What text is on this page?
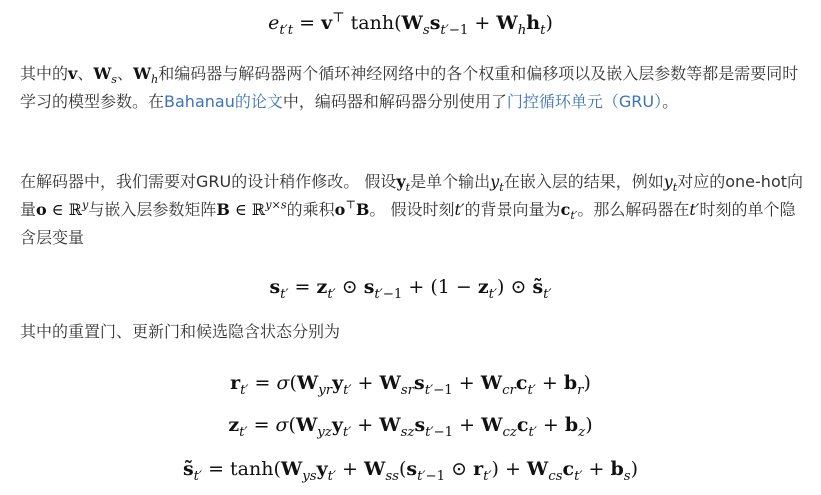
$e_{t't} = v^⊤$ $\tanh(W_ss_{t'-1} + W_hh_t)$
其中的v、$W_s$、$W_h$和编码器与解码器两个循环神经网络中的各个权重和偏移项以及嵌入层参数等都是需要同时学习的模型参数。在Bahanau的论文中，编码器和解码器分别使用了门控循环单元（GRU）。
在解码器中，我们需要对GRU的设计稍作修改。 假设$y_t$是单个输出$y_t$在嵌入层的结果，例如$y_t$对应的one-hot向量o ∈ ℝ$^y$与嵌入层参数矩阵B ∈ ℝ$^{y\times s}$的乘积o⊤B。 假设时刻t′的背景向量为$c_{t'}$。那么解码器在t′时刻的单个隐含层变量
$s_{t'} = z_{t'}$ ⊙ $s_{t'-1} + (1 - z_{t'})$ ⊙ $s̃_{t'}$
其中的重置门、更新门和候选隐含状态分别为
$r_{t'} = \sigma(W_{yr}y_{t'} + W_{sr}s_{t'-1} + W_{cr}c_{t'} + b_r)$
$z_{t'} = \sigma(W_{yz}y_{t'} + W_{sz}s_{t'-1} + W_{cz}c_{t'} + b_z)$
$s̃_{t'} = \tanh(W_{ys}y_{t'} + W_{ss}(s_{t'-1}$ ⊙ $r_{t'}) + W_{cs}c_{t'} + b_s$)
